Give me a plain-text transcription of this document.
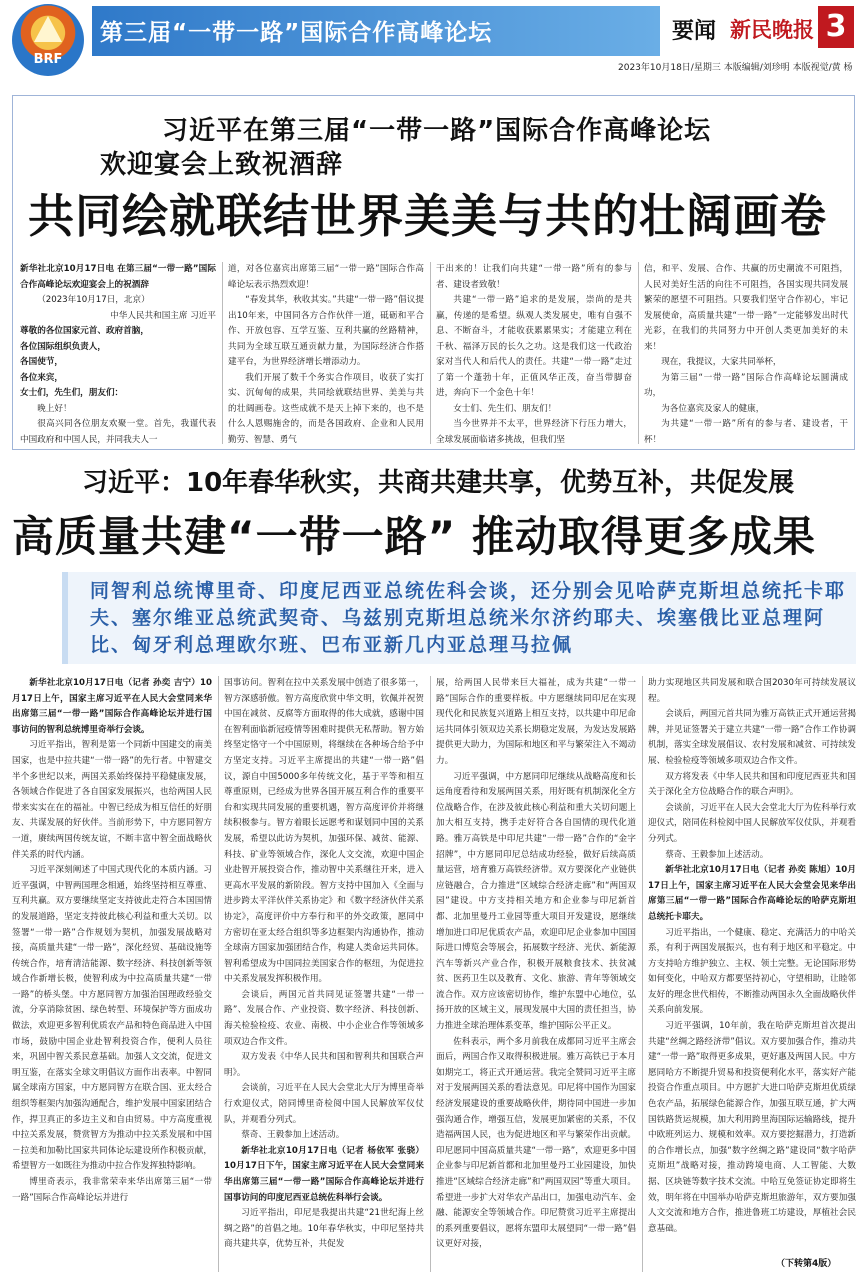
BRF
第三届“一带一路”国际合作高峰论坛	要闻 新民晚报 3
2023年10月18日/星期三 本版编辑/刘珍明 本版视觉/黄 杨
习近平在第三届“一带一路”国际合作高峰论坛
欢迎宴会上致祝酒辞
共同绘就联结世界美美与共的壮阔画卷

新华社北京10月17日电 在第三届“一带一路”国际合作高峰论坛欢迎宴会上的祝酒辞

（2023年10月17日，北京）

中华人民共和国主席 习近平

尊敬的各位国家元首、政府首脑，

各位国际组织负责人，

各国使节，

各位来宾，

女士们，先生们，朋友们：

晚上好！

很高兴同各位朋友欢聚一堂。首先，我谨代表中国政府和中国人民，并同我夫人一

道，对各位嘉宾出席第三届“一带一路”国际合作高峰论坛表示热烈欢迎！

“春发其华，秋收其实。”共建“一带一路”倡议提出10年来，中国同各方合作伙伴一道，砥砺和平合作、开放包容、互学互鉴、互利共赢的丝路精神，共同为全球互联互通贡献力量，为国际经济合作搭建平台，为世界经济增长增添动力。

我们开展了数千个务实合作项目，收获了实打实、沉甸甸的成果，共同绘就联结世界、美美与共的壮阔画卷。这些成就不是天上掉下来的，也不是什么人恩赐施舍的，而是各国政府、企业和人民用勤劳、智慧、勇气

干出来的！让我们向共建“一带一路”所有的参与者、建设者致敬！

共建“一带一路”追求的是发展，崇尚的是共赢，传递的是希望。纵观人类发展史，唯有自强不息、不断奋斗，才能收获累累果实；才能建立利在千秋、福泽万民的长久之功。这是我们这一代政治家对当代人和后代人的责任。共建“一带一路”走过了第一个蓬勃十年，正值风华正茂，奋当带脚奋进，奔向下一个金色十年！

女士们、先生们、朋友们！

当今世界并不太平，世界经济下行压力增大，全球发展面临诸多挑战，但我们坚

信，和平、发展、合作、共赢的历史潮流不可阻挡，人民对美好生活的向往不可阻挡，各国实现共同发展繁荣的愿望不可阻挡。只要我们坚守合作初心，牢记发展使命，高质量共建“一带一路”一定能够发出时代光彩，在我们的共同努力中开创人类更加美好的未来！

现在，我提议，大家共同举杯，

为第三届“一带一路”国际合作高峰论坛圆满成功，

为各位嘉宾及家人的健康，

为共建“一带一路”所有的参与者、建设者，干杯！

习近平：10年春华秋实，共商共建共享，优势互补，共促发展
高质量共建“一带一路” 推动取得更多成果
同智利总统博里奇、印度尼西亚总统佐科会谈，还分别会见哈萨克斯坦总统托卡耶夫、塞尔维亚总统武契奇、乌兹别克斯坦总统米尔济约耶夫、埃塞俄比亚总理阿比、匈牙利总理欧尔班、巴布亚新几内亚总理马拉佩

新华社北京10月17日电（记者 孙奕 吉宁）10月17日上午，国家主席习近平在人民大会堂同来华出席第三届“一带一路”国际合作高峰论坛并进行国事访问的智利总统博里奇举行会谈。

习近平指出，智利是第一个同新中国建交的南美国家，也是中拉共建“一带一路”的先行者。中智建交半个多世纪以来，两国关系始终保持平稳健康发展，各领域合作促进了各自国家发展振兴，也给两国人民带来实实在在的福祉。中智已经成为相互信任的好朋友、共谋发展的好伙伴。当前形势下，中方愿同智方一道，赓续两国传统友谊，不断丰富中智全面战略伙伴关系的时代内涵。

习近平深刻阐述了中国式现代化的本质内涵。习近平强调，中智两国理念相通，始终坚持相互尊重、互利共赢。双方要继续坚定支持彼此走符合本国国情的发展道路，坚定支持彼此核心利益和重大关切。以签署“一带一路”合作规划为契机，加强发展战略对接，高质量共建“一带一路”，深化经贸、基础设施等传统合作，培育清洁能源、数字经济、科技创新等领域合作新增长极，使智利成为中拉高质量共建“一带一路”的桥头堡。中方愿同智方加强治国理政经验交流，分享消除贫困、绿色转型、环境保护等方面成功做法，欢迎更多智利优质农产品和特色商品进入中国市场，鼓励中国企业赴智利投资合作，便利人员往来，巩固中智关系民意基础。加强人文交流，促进文明互鉴，在落实全球文明倡议方面作出表率。中智同属全球南方国家，中方愿同智方在联合国、亚太经合组织等框架内加强沟通配合，维护发展中国家团结合作，捍卫真正的多边主义和自由贸易。中方高度重视中拉关系发展，赞赏智方为推动中拉关系发展和中国－拉美和加勒比国家共同体论坛建设所作积极贡献，希望智方一如既往为推动中拉合作发挥独特影响。

博里奇表示，我非常荣幸来华出席第三届“一带一路”国际合作高峰论坛并进行

国事访问。智利在拉中关系发展中创造了很多第一，智方深感骄傲。智方高度欣赏中华文明，钦佩并祝贺中国在减贫、反腐等方面取得的伟大成就，感谢中国在智利面临新冠疫情等困难时提供无私帮助。智方始终坚定恪守一个中国原则，将继续在各种场合给予中方坚定支持。习近平主席提出的共建“一带一路”倡议，源自中国5000多年传统文化，基于平等和相互尊重原则，已经成为世界各国开展互利合作的重要平台和实现共同发展的重要机遇，智方高度评价并将继续积极参与。智方着眼长远愿考和谋划同中国的关系发展，希望以此访为契机，加强环保、减贫、能源、科技、矿业等领域合作，深化人文交流，欢迎中国企业赴智开展投资合作，推动智中关系继往开来，进入更高水平发展的新阶段。智方支持中国加入《全面与进步跨太平洋伙伴关系协定》和《数字经济伙伴关系协定》，高度评价中方奉行和平的外交政策，愿同中方密切在亚太经合组织等多边框架内沟通协作，推动全球南方国家加强团结合作，构建人类命运共同体。智利希望成为中国同拉美国家合作的枢纽，为促进拉中关系发展发挥积极作用。

会谈后，两国元首共同见证签署共建“一带一路”、发展合作、产业投资、数字经济、科技创新、海关检验检疫、农业、南极、中小企业合作等领域多项双边合作文件。

双方发表《中华人民共和国和智利共和国联合声明》。

会谈前，习近平在人民大会堂北大厅为博里奇举行欢迎仪式，陪同博里奇检阅中国人民解放军仪仗队，并观看分列式。

蔡奇、王毅参加上述活动。

新华社北京10月17日电（记者 杨依军 张骁）10月17日下午，国家主席习近平在人民大会堂同来华出席第三届“一带一路”国际合作高峰论坛并进行国事访问的印度尼西亚总统佐科举行会谈。

习近平指出，印尼是我提出共建“21世纪海上丝绸之路”的首倡之地。10年春华秋实，中印尼坚持共商共建共享，优势互补，共促发

展，给两国人民带来巨大福祉，成为共建“一带一路”国际合作的重要样板。中方愿继续同印尼在实现现代化和民族复兴道路上相互支持，以共建中印尼命运共同体引领双边关系长期稳定发展，为发达发展路提供更大助力，为国际和地区和平与繁荣注入不竭动力。

习近平强调，中方愿同印尼继续从战略高度和长远角度看待和发展两国关系，用好既有机制深化全方位战略合作，在涉及彼此核心利益和重大关切问题上加大相互支持，携手走好符合各自国情的现代化道路。雅万高铁是中印尼共建“一带一路”合作的“金字招牌”，中方愿同印尼总结成功经验，做好后续高质量运营，培育雅万高铁经济带。双方要深化产业链供应链融合，合力推进“区域综合经济走廊”和“两国双园”建设。中方支持相关地方和企业参与印尼新首都、北加里曼丹工业园等重大项目开发建设，愿继续增加进口印尼优质农产品，欢迎印尼企业参加中国国际进口博览会等展会，拓展数字经济、光伏、新能源汽车等新兴产业合作，积极开展粮食技术、扶贫减贫、医药卫生以及教育、文化、旅游、青年等领域交流合作。双方应该密切协作，维护东盟中心地位，弘扬开放的区域主义，展现发展中大国的责任担当，协力推进全球治理体系变革，维护国际公平正义。

佐科表示，两个多月前我在成都同习近平主席会面后，两国合作又取得积极进展。雅万高铁已于本月如期完工，将正式开通运营。我完全赞同习近平主席对于发展两国关系的看法意见。印尼将中国作为国家经济发展建设的重要战略伙伴，期待同中国进一步加强沟通合作，增强互信，发展更加紧密的关系，不仅造福两国人民，也为促进地区和平与繁荣作出贡献。印尼愿同中国高质量共建“一带一路”，欢迎更多中国企业参与印尼新首都和北加里曼丹工业园建设，加快推进“区域综合经济走廊”和“两国双园”等重大项目。希望进一步扩大对华农产品出口，加强电动汽车、金融、能源安全等领域合作。印尼赞赏习近平主席提出的系列重要倡议，愿将东盟印太展望同“一带一路”倡议更好对接，

助力实现地区共同发展和联合国2030年可持续发展议程。

会谈后，两国元首共同为雅万高铁正式开通运营揭牌，并见证签署关于建立共建“一带一路”合作工作协调机制，落实全球发展倡议、农村发展和减贫、可持续发展、检验检疫等领域多项双边合作文件。

双方将发表《中华人民共和国和印度尼西亚共和国关于深化全方位战略合作的联合声明》。

会谈前，习近平在人民大会堂北大厅为佐科举行欢迎仪式，陪同佐科检阅中国人民解放军仪仗队，并观看分列式。

蔡奇、王毅参加上述活动。

新华社北京10月17日电（记者 孙奕 陈旭）10月17日上午，国家主席习近平在人民大会堂会见来华出席第三届“一带一路”国际合作高峰论坛的哈萨克斯坦总统托卡耶夫。

习近平指出，一个健康、稳定、充满活力的中哈关系，有利于两国发展振兴，也有利于地区和平稳定。中方支持哈方维护独立、主权、领土完整。无论国际形势如何变化，中哈双方都要坚持初心，守望相助，让睦邻友好的理念世代相传，不断推动两国永久全面战略伙伴关系向前发展。

习近平强调，10年前，我在哈萨克斯坦首次提出共建“丝绸之路经济带”倡议。双方要加强合作，推动共建“一带一路”取得更多成果，更好惠及两国人民。中方愿同哈方不断提升贸易和投资便利化水平，落实好产能投资合作重点项目。中方愿扩大进口哈萨克斯坦优质绿色农产品，拓展绿色能源合作，加强互联互通，扩大两国铁路货运规模，加大利用跨里海国际运输路线，提升中欧班列运力、规模和效率。双方要挖掘潜力，打造新的合作增长点，加强“数字丝绸之路”建设同“数字哈萨克斯坦”战略对接，推动跨境电商、人工智能、大数据、区块链等数字技术交流。中哈互免签证协定即将生效，明年将在中国举办哈萨克斯坦旅游年，双方要加强人文交流和地方合作，推进鲁班工坊建设，厚植社会民意基础。

（下转第4版）
